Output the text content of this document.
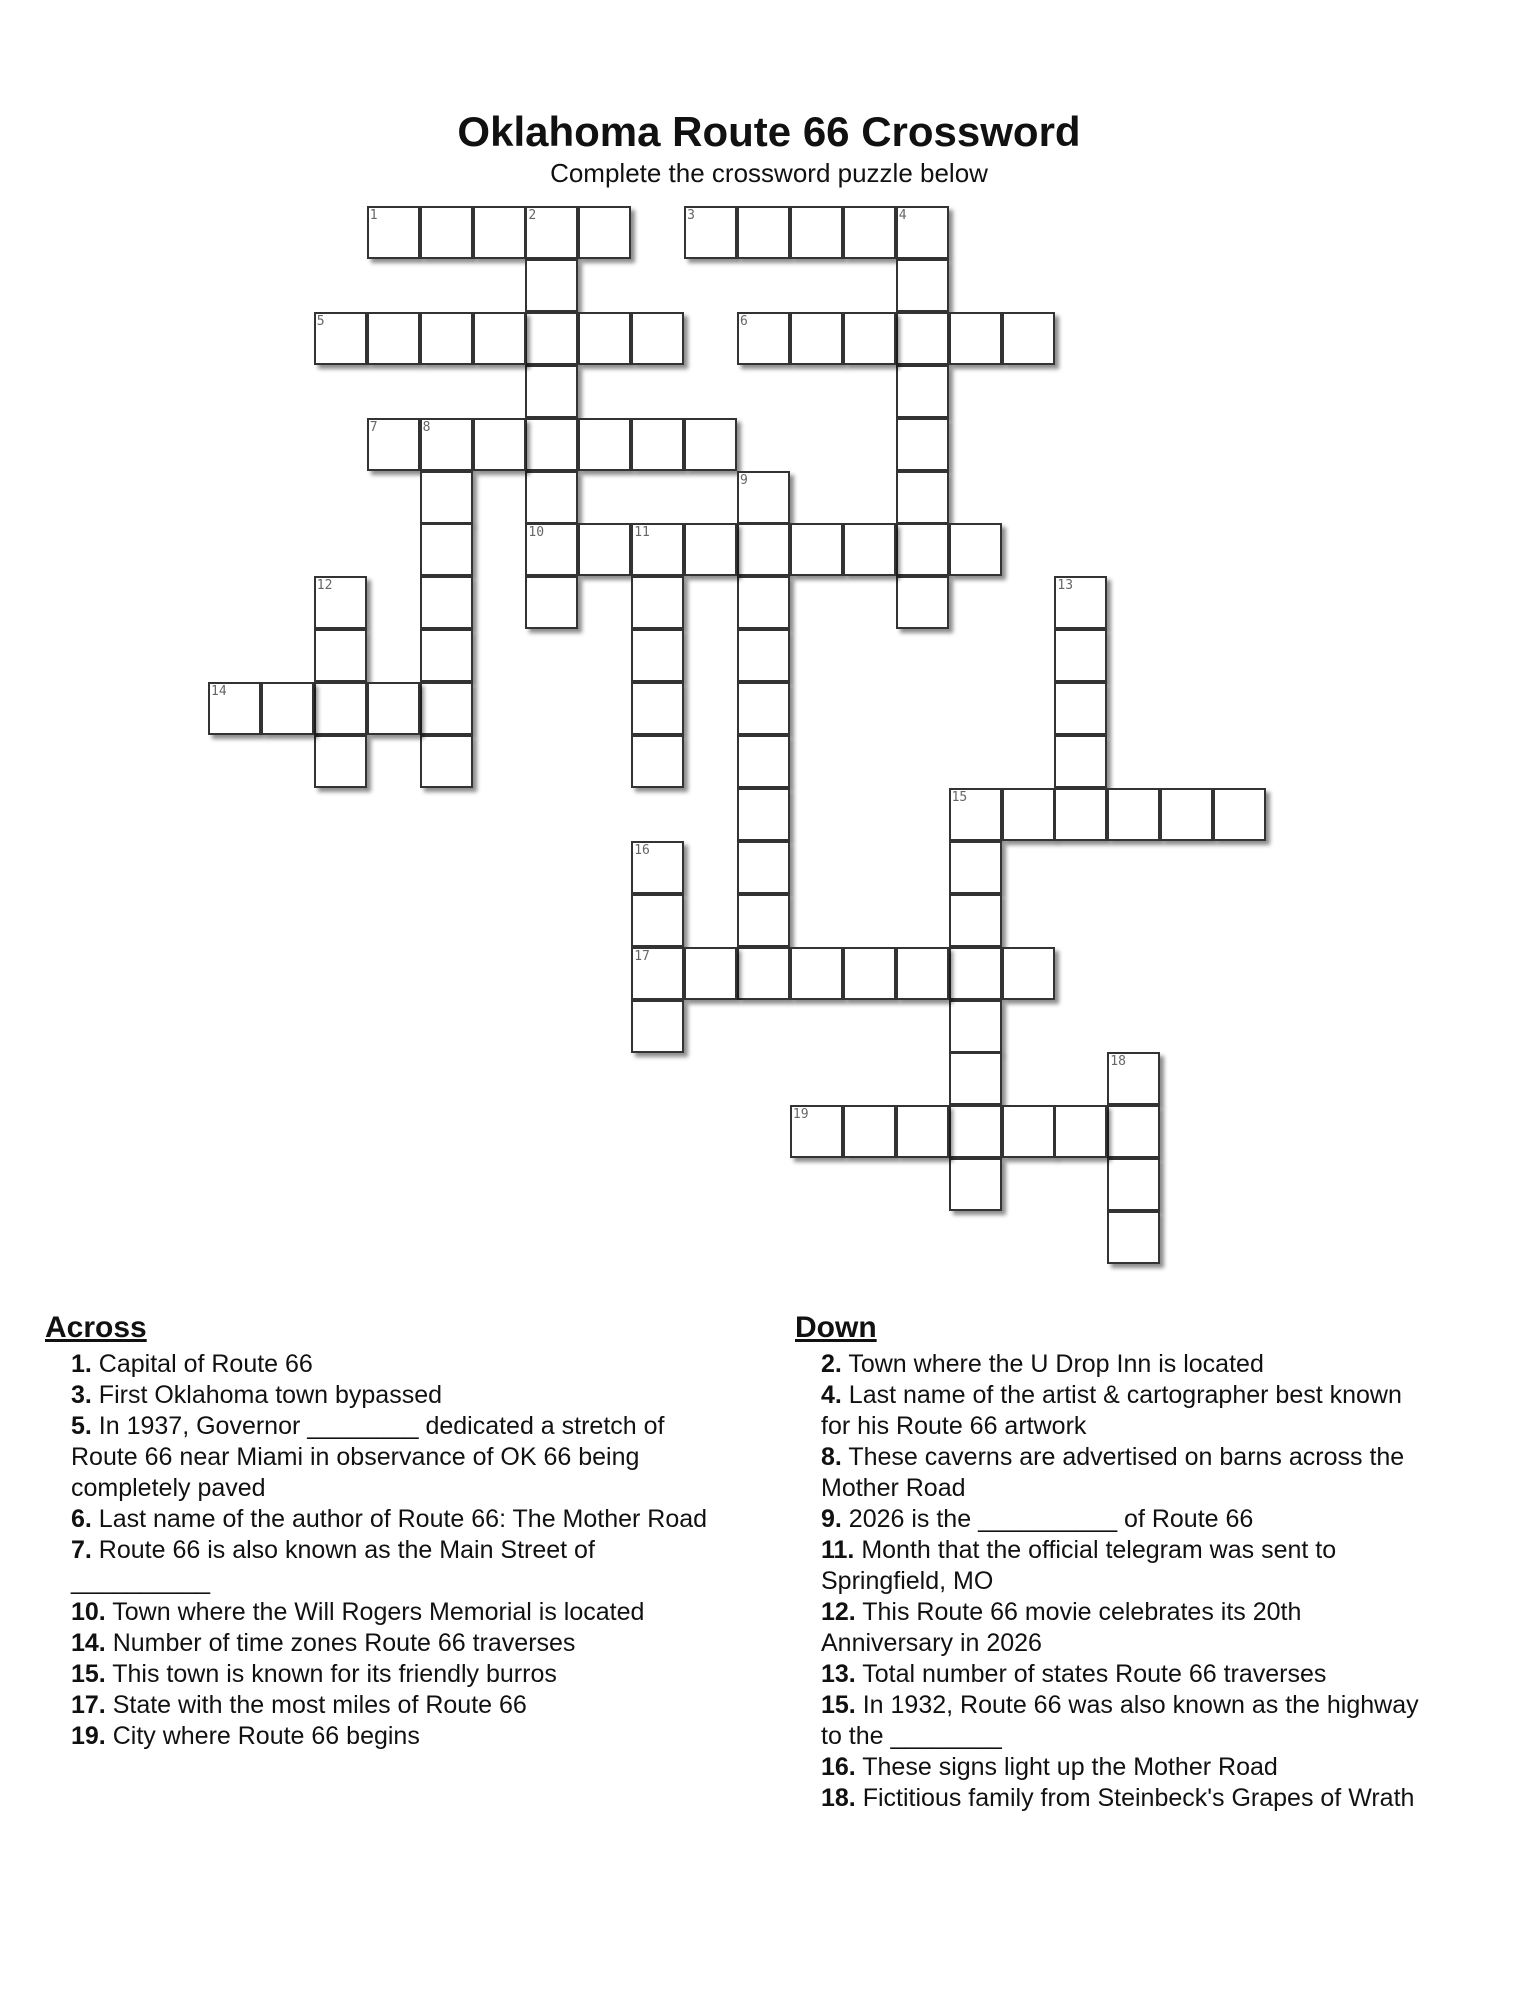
Oklahoma Route 66 Crossword
Complete the crossword puzzle below
1	2	3	4
10
5	6
7	8
9
11
12	13
14
15
16
17
18
19
Across
1. Capital of Route 66
3. First Oklahoma town bypassed
5. In 1937, Governor ________ dedicated a stretch of Route 66 near Miami in observance of OK 66 being completely paved
6. Last name of the author of Route 66: The Mother Road
7. Route 66 is also known as the Main Street of __________
10. Town where the Will Rogers Memorial is located
14. Number of time zones Route 66 traverses
15. This town is known for its friendly burros
17. State with the most miles of Route 66
19. City where Route 66 begins
Down
2. Town where the U Drop Inn is located
4. Last name of the artist & cartographer best known for his Route 66 artwork
8. These caverns are advertised on barns across the Mother Road
9. 2026 is the __________ of Route 66
11. Month that the official telegram was sent to Springfield, MO
12. This Route 66 movie celebrates its 20th Anniversary in 2026
13. Total number of states Route 66 traverses
15. In 1932, Route 66 was also known as the highway to the ________
16. These signs light up the Mother Road
18. Fictitious family from Steinbeck's Grapes of Wrath
